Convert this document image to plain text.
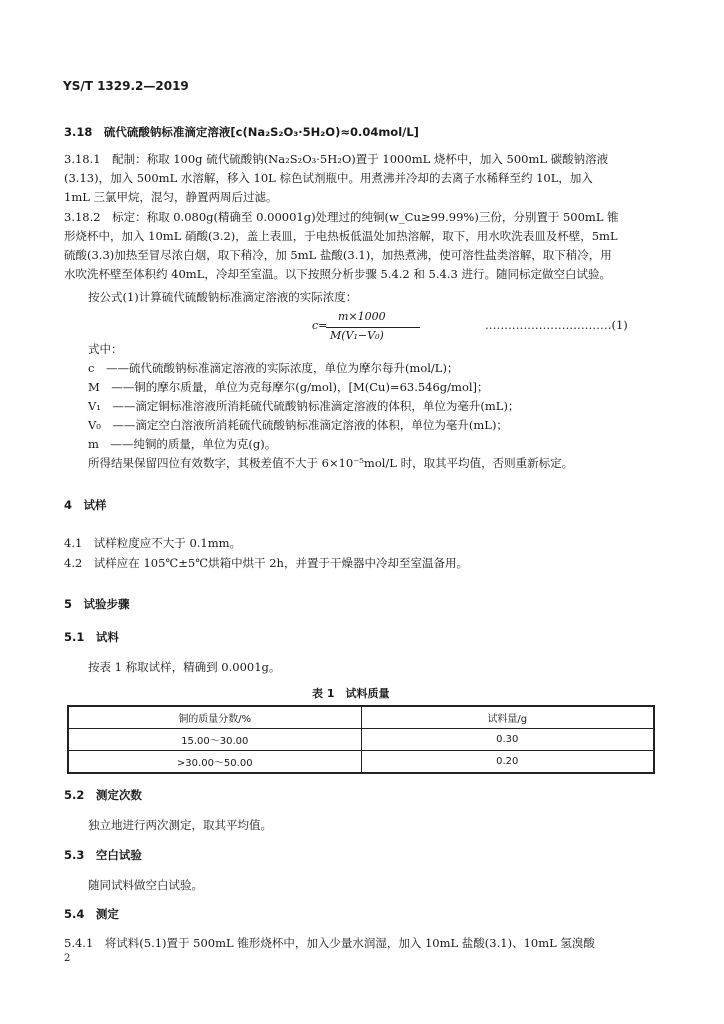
YS/T 1329.2—2019
3.18　硫代硫酸钠标准滴定溶液[c(Na₂S₂O₃·5H₂O)≈0.04mol/L]
3.18.1　配制：称取 100g 硫代硫酸钠(Na₂S₂O₃·5H₂O)置于 1000mL 烧杯中，加入 500mL 碳酸钠溶液
(3.13)，加入 500mL 水溶解，移入 10L 棕色试剂瓶中。用煮沸并冷却的去离子水稀释至约 10L，加入
1mL 三氯甲烷，混匀，静置两周后过滤。
3.18.2　标定：称取 0.080g(精确至 0.00001g)处理过的纯铜(w_Cu≥99.99%)三份，分别置于 500mL 锥
形烧杯中，加入 10mL 硝酸(3.2)，盖上表皿，于电热板低温处加热溶解，取下，用水吹洗表皿及杯壁，5mL
硫酸(3.3)加热至冒尽浓白烟，取下稍冷，加 5mL 盐酸(3.1)，加热煮沸，使可溶性盐类溶解，取下稍冷，用
水吹洗杯壁至体积约 40mL，冷却至室温。以下按照分析步骤 5.4.2 和 5.4.3 进行。随同标定做空白试验。
按公式(1)计算硫代硫酸钠标准滴定溶液的实际浓度：
c=
m×1000
M(V₁−V₀)
……………………………(1)
式中：
c　——硫代硫酸钠标准滴定溶液的实际浓度，单位为摩尔每升(mol/L)；
M　——铜的摩尔质量，单位为克每摩尔(g/mol)，[M(Cu)=63.546g/mol]；
V₁　——滴定铜标准溶液所消耗硫代硫酸钠标准滴定溶液的体积，单位为毫升(mL)；
V₀　——滴定空白溶液所消耗硫代硫酸钠标准滴定溶液的体积，单位为毫升(mL)；
m　——纯铜的质量，单位为克(g)。
所得结果保留四位有效数字，其极差值不大于 6×10⁻⁵mol/L 时，取其平均值，否则重新标定。
4　试样
4.1　试样粒度应不大于 0.1mm。
4.2　试样应在 105℃±5℃烘箱中烘干 2h，并置于干燥器中冷却至室温备用。
5　试验步骤
5.1　试料
按表 1 称取试样，精确到 0.0001g。
表 1　试料质量
铜的质量分数/%	试料量/g
15.00～30.00	0.30
>30.00～50.00	0.20
5.2　测定次数
独立地进行两次测定，取其平均值。
5.3　空白试验
随同试料做空白试验。
5.4　测定
5.4.1　将试料(5.1)置于 500mL 锥形烧杯中，加入少量水润湿，加入 10mL 盐酸(3.1)、10mL 氢溴酸
2
